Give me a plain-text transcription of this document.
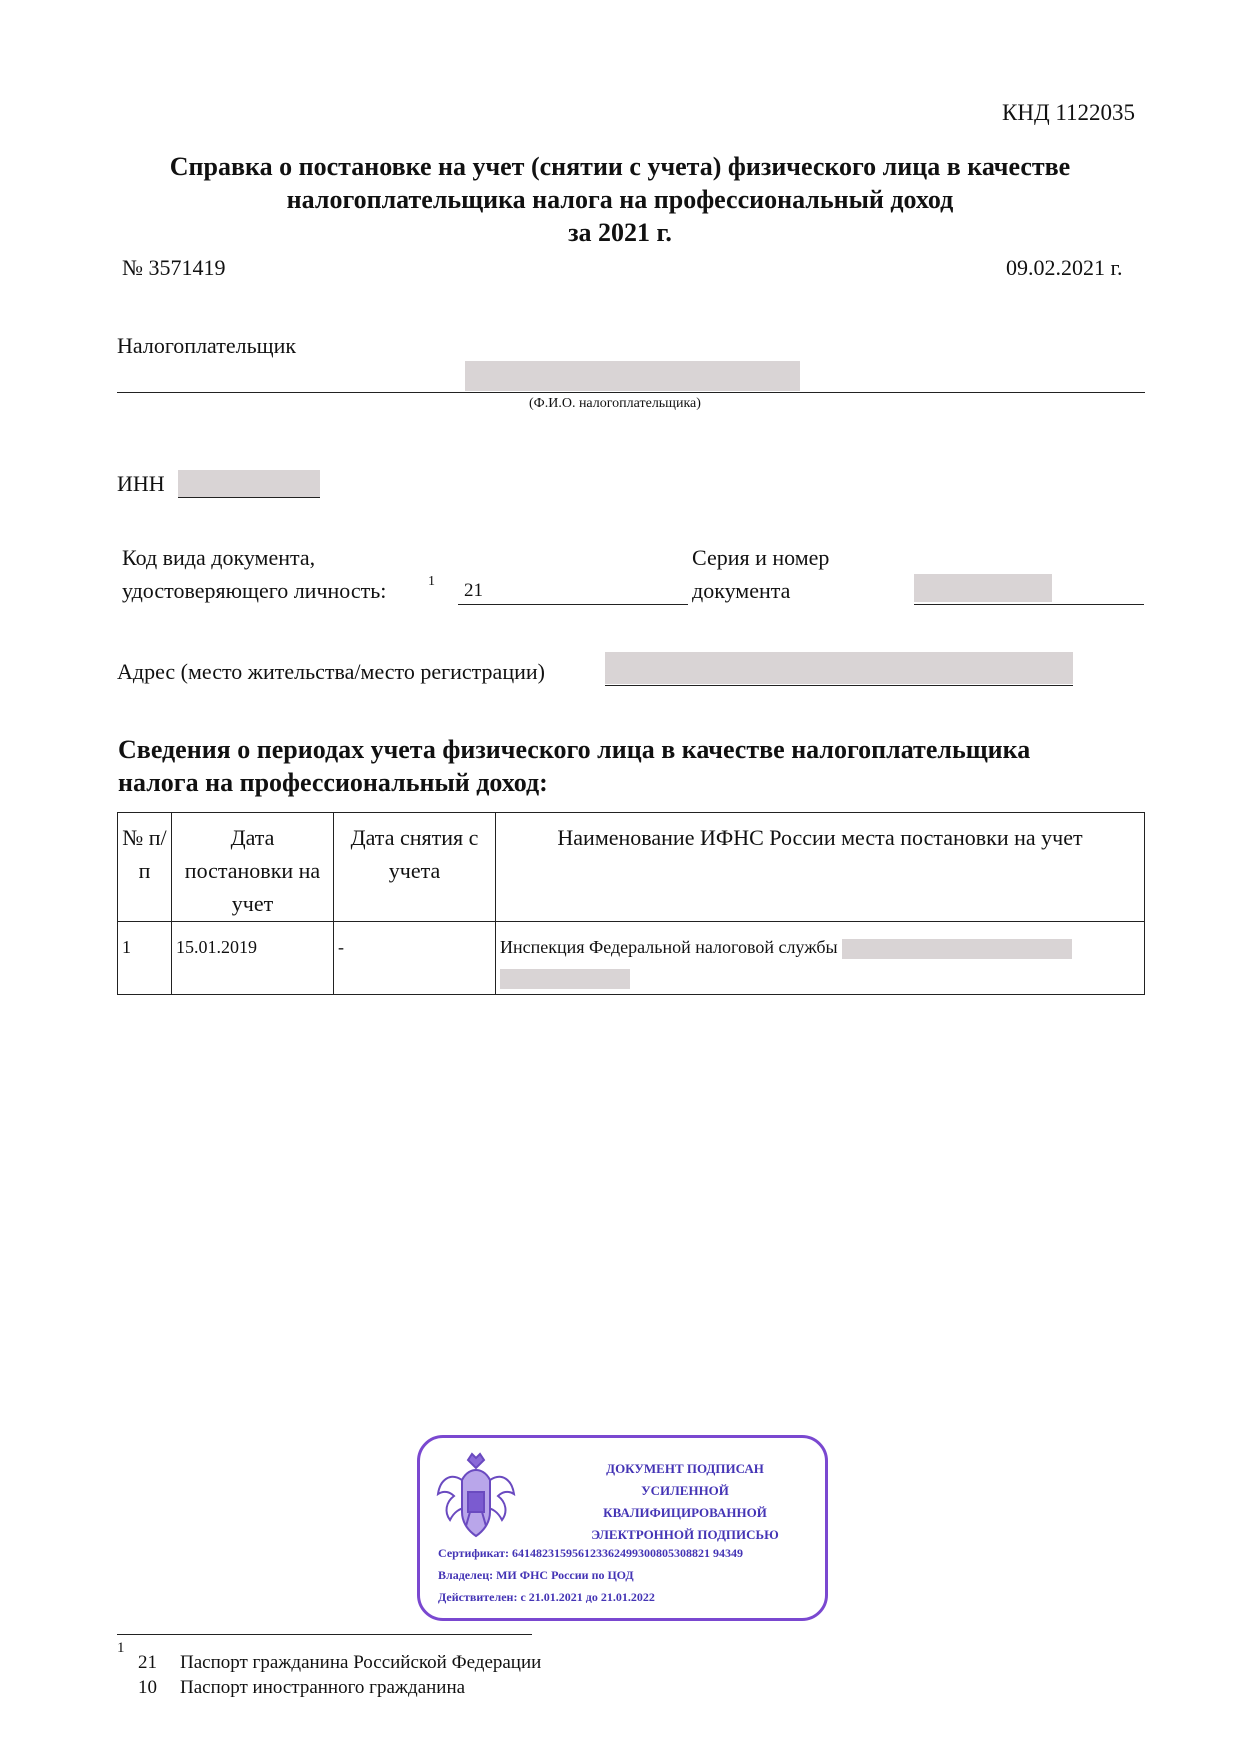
КНД 1122035
Справка о постановке на учет (снятии с учета) физического лица в качестве
налогоплательщика налога на профессиональный доход
за 2021 г.
№ 3571419	09.02.2021 г.
Налогоплательщик
(Ф.И.О. налогоплательщика)
ИНН
Код вида документа,
удостоверяющего личность:	1 21
Серия и номер
документа
Адрес (место жительства/место регистрации)
Сведения о периодах учета физического лица в качестве налогоплательщика
налога на профессиональный доход:
№ п/п	Дата постановки на учет	Дата снятия с учета	Наименование ИФНС России места постановки на учет
1	15.01.2019	-	Инспекция Федеральной налоговой службы

ДОКУМЕНТ ПОДПИСАН
УСИЛЕННОЙ КВАЛИФИЦИРОВАННОЙ
ЭЛЕКТРОННОЙ ПОДПИСЬЮ
Сертификат: 641482315956123362499300805308821 94349
Владелец: МИ ФНС России по ЦОД
Действителен: с 21.01.2021 до 21.01.2022
1
21 Паспорт гражданина Российской Федерации
10 Паспорт иностранного гражданина
